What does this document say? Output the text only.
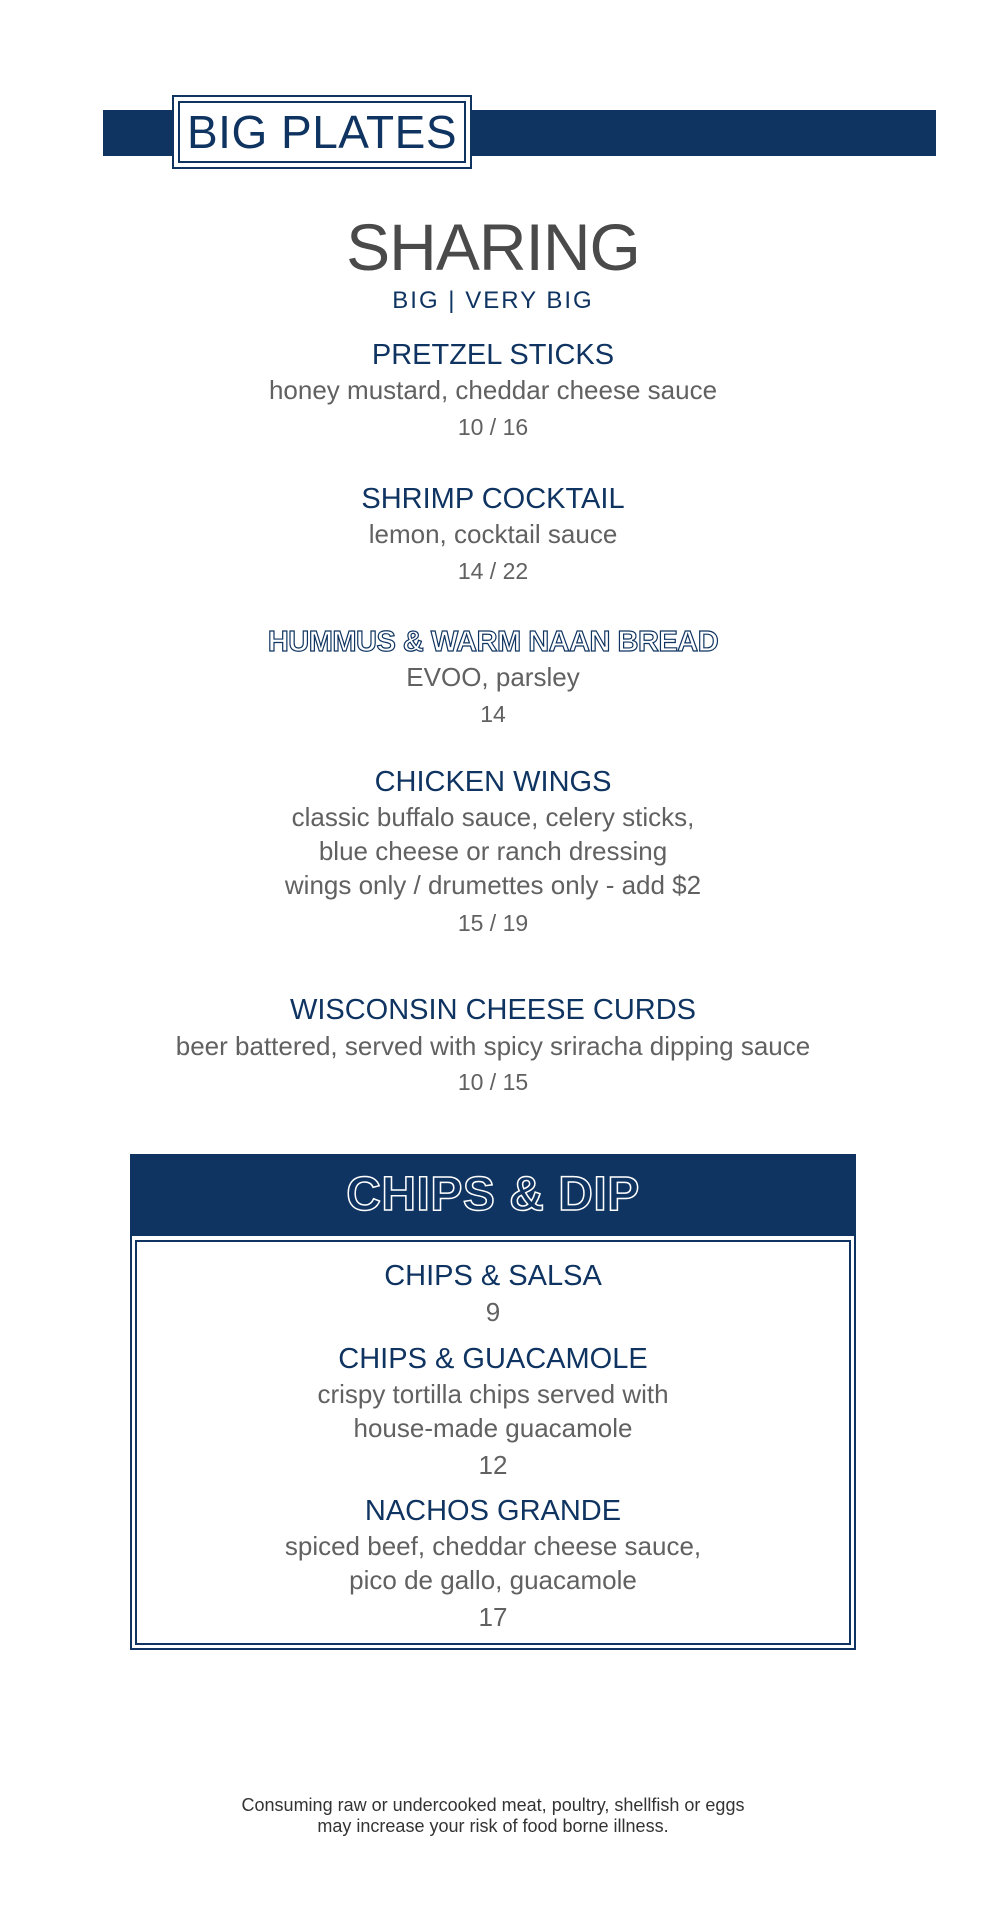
BIG PLATES
SHARING
BIG | VERY BIG
PRETZEL STICKS
honey mustard, cheddar cheese sauce
10 / 16
SHRIMP COCKTAIL
lemon, cocktail sauce
14 / 22
HUMMUS & WARM NAAN BREAD
EVOO, parsley
14
CHICKEN WINGS
classic buffalo sauce, celery sticks,
blue cheese or ranch dressing
wings only / drumettes only - add $2
15 / 19
WISCONSIN CHEESE CURDS
beer battered, served with spicy sriracha dipping sauce
10 / 15
CHIPS & DIP
CHIPS & SALSA
9
CHIPS & GUACAMOLE
crispy tortilla chips served with
house-made guacamole
12
NACHOS GRANDE
spiced beef, cheddar cheese sauce,
pico de gallo, guacamole
17
Consuming raw or undercooked meat, poultry, shellfish or eggs
may increase your risk of food borne illness.
